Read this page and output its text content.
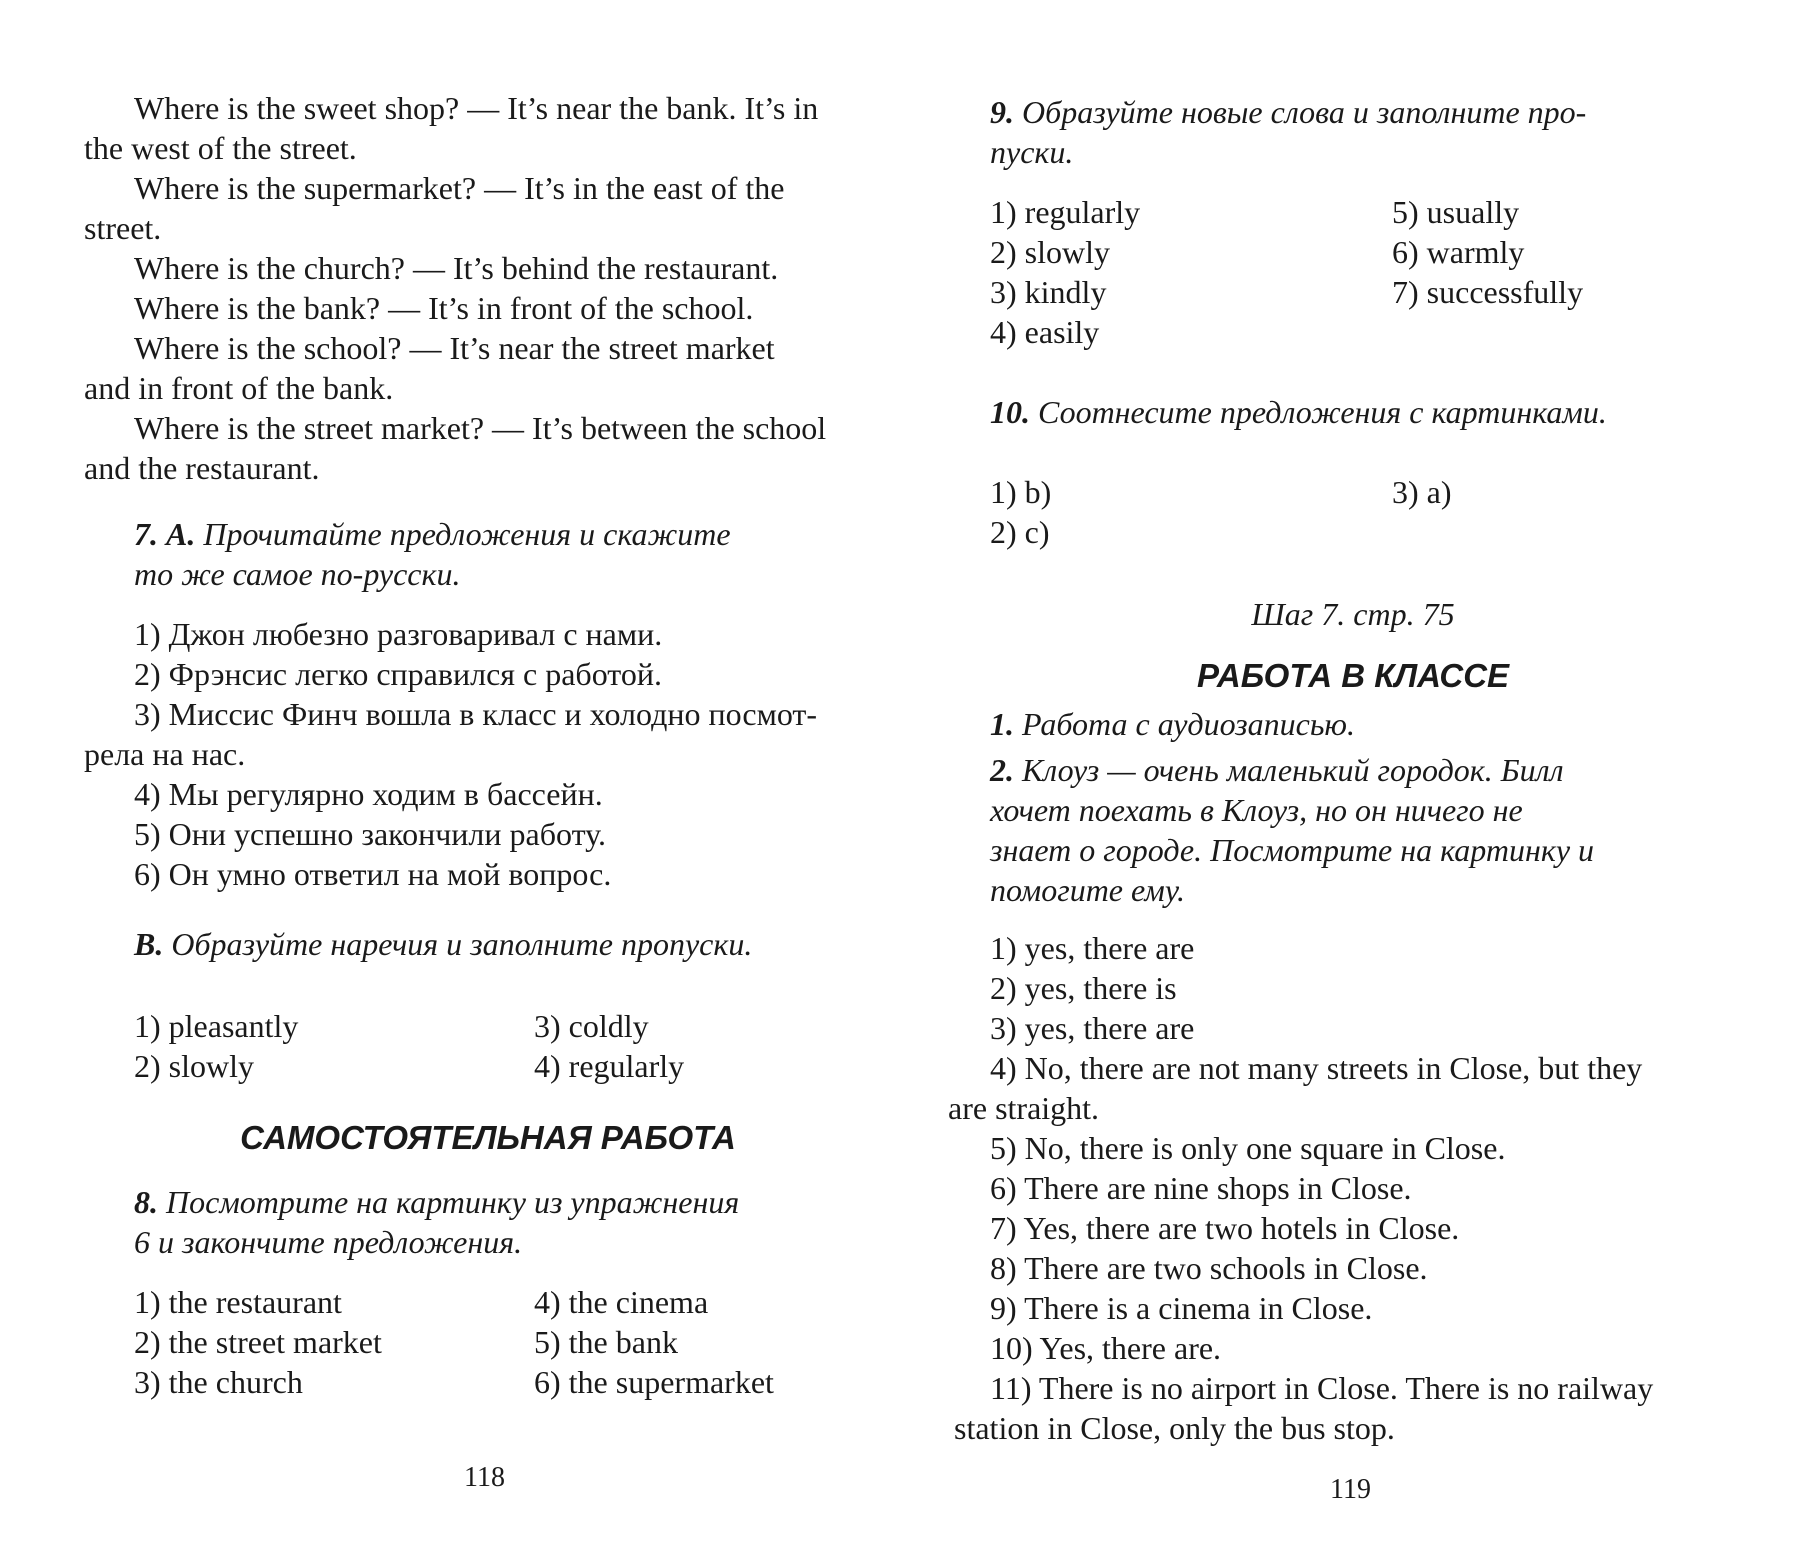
Where is the sweet shop? — It’s near the bank. It’s in
the west of the street.

Where is the supermarket? — It’s in the east of the
street.

Where is the church? — It’s behind the restaurant.

Where is the bank? — It’s in front of the school.

Where is the school? — It’s near the street market
and in front of the bank.

Where is the street market? — It’s between the school
and the restaurant.

7. А. Прочитайте предложения и скажите
то же самое по-русски.

1) Джон любезно разговаривал с нами.
2) Фрэнсис легко справился с работой.
3) Миссис Финч вошла в класс и холодно посмот-
рела на нас.
4) Мы регулярно ходим в бассейн.
5) Они успешно закончили работу.
6) Он умно ответил на мой вопрос.

В. Образуйте наречия и заполните пропуски.

1) pleasantly
2) slowly
3) coldly
4) regularly
САМОСТОЯТЕЛЬНАЯ РАБОТА

8. Посмотрите на картинку из упражнения
6 и закончите предложения.

1) the restaurant
2) the street market
3) the church
4) the cinema
5) the bank
6) the supermarket
118

9. Образуйте новые слова и заполните про-
пуски.

1) regularly
2) slowly
3) kindly
4) easily
5) usually
6) warmly
7) successfully

10. Соотнесите предложения с картинками.

1) b)
2) c)
3) a)
Шаг 7. стр. 75
РАБОТА В КЛАССЕ

1. Работа с аудиозаписью.

2. Клоуз — очень маленький городок. Билл
хочет поехать в Клоуз, но он ничего не
знает о городе. Посмотрите на картинку и
помогите ему.

1) yes, there are
2) yes, there is
3) yes, there are
4) No, there are not many streets in Close, but they
are straight.
5) No, there is only one square in Close.
6) There are nine shops in Close.
7) Yes, there are two hotels in Close.
8) There are two schools in Close.
9) There is a cinema in Close.
10) Yes, there are.
11) There is no airport in Close. There is no railway
station in Close, only the bus stop.
119
